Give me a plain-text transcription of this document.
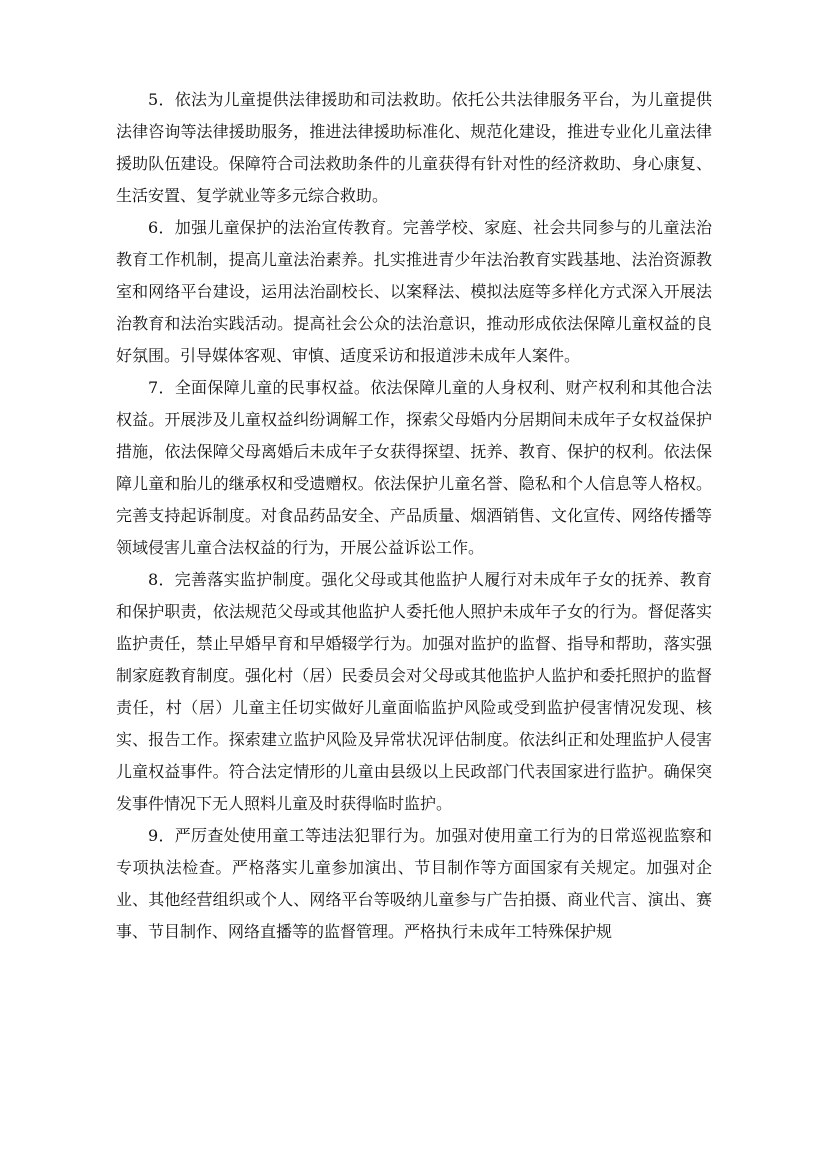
5．依法为儿童提供法律援助和司法救助。依托公共法律服务平台，为儿童提供法律咨询等法律援助服务，推进法律援助标准化、规范化建设，推进专业化儿童法律援助队伍建设。保障符合司法救助条件的儿童获得有针对性的经济救助、身心康复、生活安置、复学就业等多元综合救助。

6．加强儿童保护的法治宣传教育。完善学校、家庭、社会共同参与的儿童法治教育工作机制，提高儿童法治素养。扎实推进青少年法治教育实践基地、法治资源教室和网络平台建设，运用法治副校长、以案释法、模拟法庭等多样化方式深入开展法治教育和法治实践活动。提高社会公众的法治意识，推动形成依法保障儿童权益的良好氛围。引导媒体客观、审慎、适度采访和报道涉未成年人案件。

7．全面保障儿童的民事权益。依法保障儿童的人身权利、财产权利和其他合法权益。开展涉及儿童权益纠纷调解工作，探索父母婚内分居期间未成年子女权益保护措施，依法保障父母离婚后未成年子女获得探望、抚养、教育、保护的权利。依法保障儿童和胎儿的继承权和受遗赠权。依法保护儿童名誉、隐私和个人信息等人格权。完善支持起诉制度。对食品药品安全、产品质量、烟酒销售、文化宣传、网络传播等领域侵害儿童合法权益的行为，开展公益诉讼工作。

8．完善落实监护制度。强化父母或其他监护人履行对未成年子女的抚养、教育和保护职责，依法规范父母或其他监护人委托他人照护未成年子女的行为。督促落实监护责任，禁止早婚早育和早婚辍学行为。加强对监护的监督、指导和帮助，落实强制家庭教育制度。强化村（居）民委员会对父母或其他监护人监护和委托照护的监督责任，村（居）儿童主任切实做好儿童面临监护风险或受到监护侵害情况发现、核实、报告工作。探索建立监护风险及异常状况评估制度。依法纠正和处理监护人侵害儿童权益事件。符合法定情形的儿童由县级以上民政部门代表国家进行监护。确保突发事件情况下无人照料儿童及时获得临时监护。

9．严厉查处使用童工等违法犯罪行为。加强对使用童工行为的日常巡视监察和专项执法检查。严格落实儿童参加演出、节目制作等方面国家有关规定。加强对企业、其他经营组织或个人、网络平台等吸纳儿童参与广告拍摄、商业代言、演出、赛事、节目制作、网络直播等的监督管理。严格执行未成年工特殊保护规
